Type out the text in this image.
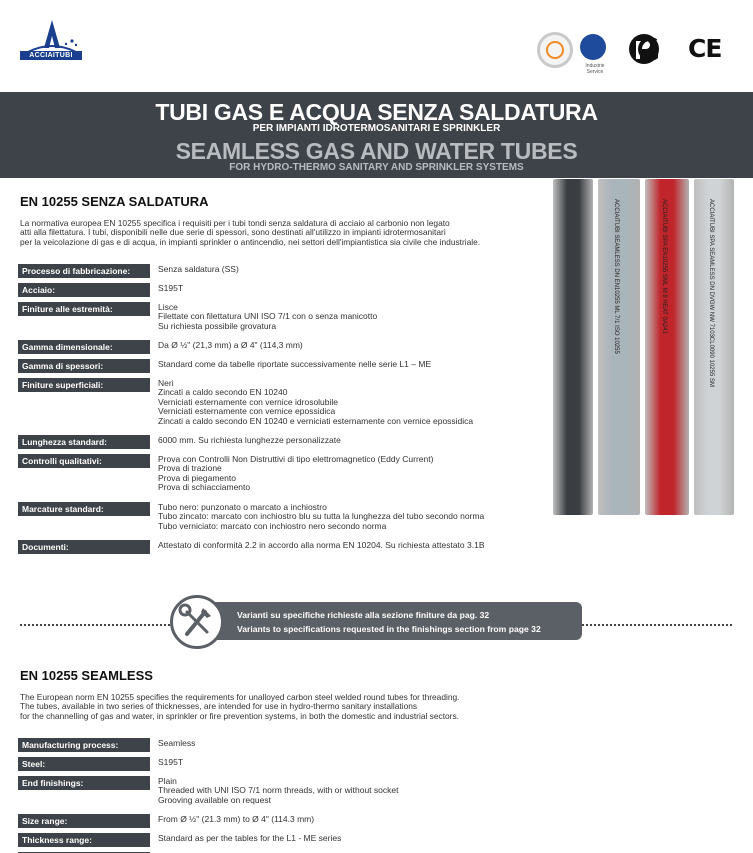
ACCIAITUBI
Industrie Service
CE
TUBI GAS E ACQUA SENZA SALDATURA
PER IMPIANTI IDROTERMOSANITARI E SPRINKLER
SEAMLESS GAS AND WATER TUBES
FOR HYDRO-THERMO SANITARY AND SPRINKLER SYSTEMS
EN 10255 SENZA SALDATURA
La normativa europea EN 10255 specifica i requisiti per i tubi tondi senza saldatura di acciaio al carbonio non legato
atti alla filettatura. I tubi, disponibili nelle due serie di spessori, sono destinati all'utilizzo in impianti idrotermosanitari
per la veicolazione di gas e di acqua, in impianti sprinkler o antincendio, nei settori dell'impiantistica sia civile che industriale.
Processo di fabbricazione:	Senza saldatura (SS)
Acciaio:	S195T
Finiture alle estremità:	Lisce
Filettate con filettatura UNI ISO 7/1 con o senza manicotto
Su richiesta possibile grovatura
Gamma dimensionale:	Da Ø ½" (21,3 mm) a Ø 4" (114,3 mm)
Gamma di spessori:	Standard come da tabelle riportate successivamente nelle serie L1 – ME
Finiture superficiali:	Neri
Zincati a caldo secondo EN 10240
Verniciati esternamente con vernice idrosolubile
Verniciati esternamente con vernice epossidica
Zincati a caldo secondo EN 10240 e verniciati esternamente con vernice epossidica
Lunghezza standard:	6000 mm. Su richiesta lunghezze personalizzate
Controlli qualitativi:	Prova con Controlli Non Distruttivi di tipo elettromagnetico (Eddy Current)
Prova di trazione
Prova di piegamento
Prova di schiacciamento
Marcature standard:	Tubo nero: punzonato o marcato a inchiostro
Tubo zincato: marcato con inchiostro blu su tutta la lunghezza del tubo secondo norma
Tubo verniciato: marcato con inchiostro nero secondo norma
Documenti:	Attestato di conformità 2.2 in accordo alla norma EN 10204. Su richiesta attestato 3.1B
ACCIAITUBI SEAMLESS DN EN10255 ML 7/1 ISO 10255	ACCIAITUBI SPA EN10255 SML M 8 HEAT 0A241	ACCIAITUBI SPA SEAMLESS DN DVGW NW 7103CL0090 10255 SM
Varianti su specifiche richieste alla sezione finiture da pag. 32
Variants to specifications requested in the finishings section from page 32
EN 10255 SEAMLESS
The European norm EN 10255 specifies the requirements for unalloyed carbon steel welded round tubes for threading.
The tubes, available in two series of thicknesses, are intended for use in hydro-thermo sanitary installations
for the channelling of gas and water, in sprinkler or fire prevention systems, in both the domestic and industrial sectors.
Manufacturing process:	Seamless
Steel:	S195T
End finishings:	Plain
Threaded with UNI ISO 7/1 norm threads, with or without socket
Grooving available on request
Size range:	From Ø ½" (21.3 mm) to Ø 4" (114.3 mm)
Thickness range:	Standard as per the tables for the L1 - ME series
